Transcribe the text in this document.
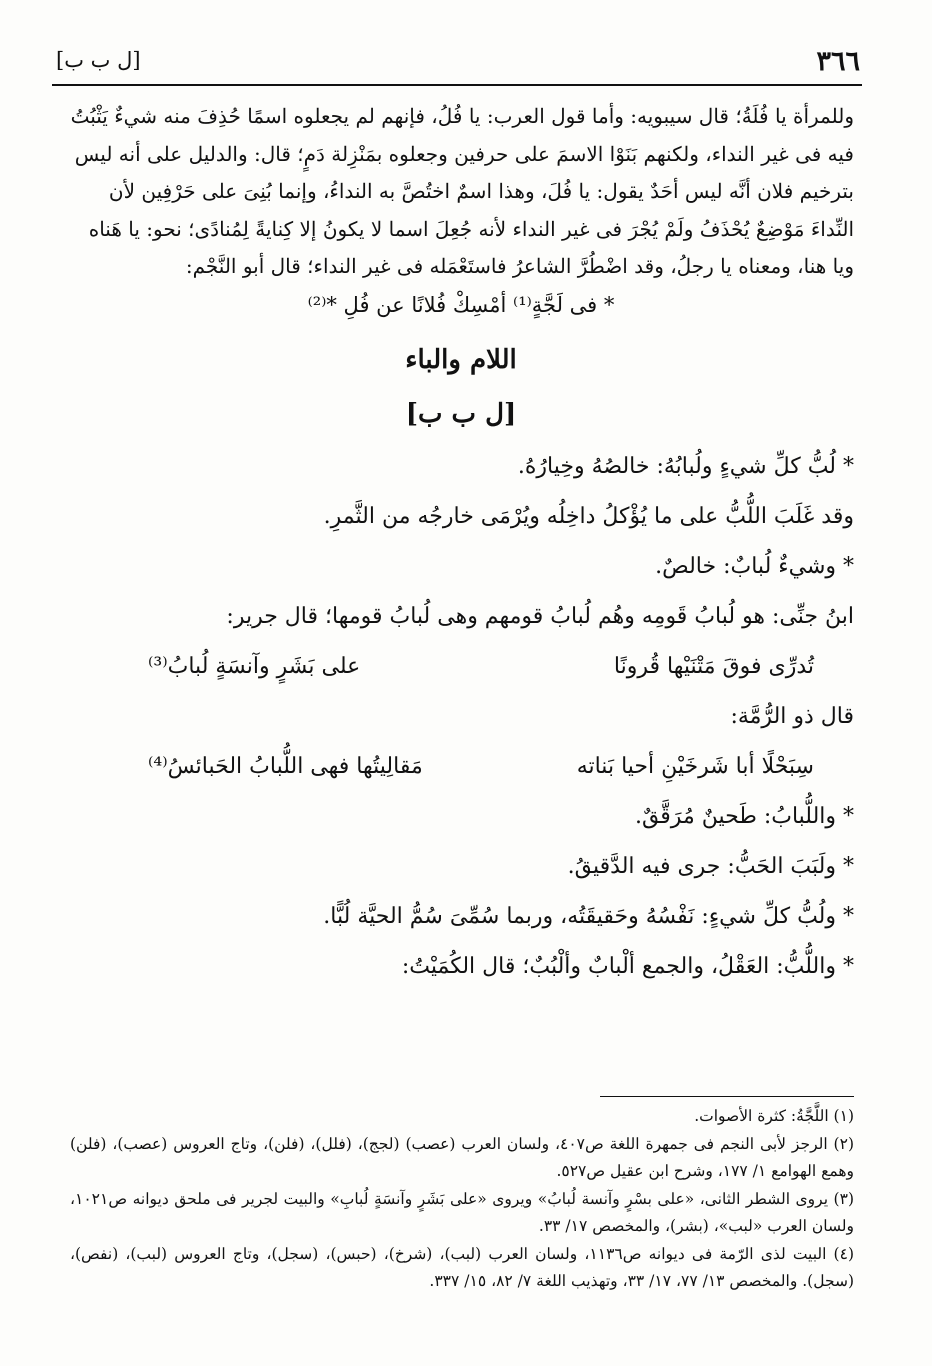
٣٦٦
[ل ب ب]

وللمرأة يا فُلَةُ؛ قال سيبويه: وأما قول العرب: يا فُلُ، فإنهم لم يجعلوه اسمًا حُذِفَ منه شيءٌ يَثْبُتُ فيه فى غير النداء، ولكنهم بَنَوْا الاسمَ على حرفين وجعلوه بمَنْزِلة دَمٍ؛ قال: والدليل على أنه ليس بترخيم فلان أنَّه ليس أحَدٌ يقول: يا فُلَ، وهذا اسمٌ اختُصَّ به النداءُ، وإنما بُنِىَ على حَرْفِين لأن النِّداءَ مَوْضِعٌ يُحْذَفُ ولَمْ يُجْرَ فى غير النداء لأنه جُعِلَ اسما لا يكونُ إلا كِنايةً لِمُنادًى؛ نحو: يا هَناه ويا هنا، ومعناه يا رجلُ، وقد اضْطُرَّ الشاعرُ فاستَعْمَله فى غير النداء؛ قال أبو النَّجْم:

* فى لَجَّةٍ⁽¹⁾ أمْسِكْ فُلانًا عن فُلِ *⁽²⁾

اللام والباء
[ل ب ب]

* لُبُّ كلِّ شيءٍ ولُبابُهُ: خالصُهُ وخِيارُهُ.

وقد غَلَبَ اللُّبُّ على ما يُؤْكلُ داخِلُه ويُرْمَى خارجُه من الثَّمرِ.

* وشيءٌ لُبابٌ: خالصٌ.

ابنُ جنِّى: هو لُبابُ قَومِه وهُم لُبابُ قومهم وهى لُبابُ قومها؛ قال جرير:

تُدرِّى فوقَ مَتْنَيْها قُرونًا
على بَشَرٍ وآنسَةٍ لُبابُ⁽³⁾

قال ذو الرُّمَّة:

سِبَحْلًا أبا شَرخَيْنِ أحيا بَناته
مَقالِيتُها فهى اللُّبابُ الحَبائسُ⁽⁴⁾

* واللُّبابُ: طَحينٌ مُرَقَّقٌ.

* ولَبَبَ الحَبُّ: جرى فيه الدَّقيقُ.

* ولُبُّ كلِّ شيءٍ: نَفْسُهُ وحَقيقَتُه، وربما سُمِّىَ سُمُّ الحيَّة لُبًّا.

* واللُّبُّ: العَقْلُ، والجمع ألْبابٌ وألْبُبٌ؛ قال الكُمَيْتُ:

(١) اللَّجَّةُ: كثرة الأصوات.

(٢) الرجز لأبى النجم فى جمهرة اللغة ص٤٠٧، ولسان العرب (عصب) (لجج)، (فلل)، (فلن)، وتاج العروس (عصب)، (فلن) وهمع الهوامع ١/ ١٧٧، وشرح ابن عقيل ص٥٢٧.

(٣) يروى الشطر الثانى، «على بسْرٍ وآنسة لُبابُ» ويروى «على بَشَرٍ وآنسَةٍ لُبابِ» والبيت لجرير فى ملحق ديوانه ص١٠٢١، ولسان العرب «لبب»، (بشر)، والمخصص ١٧/ ٣٣.

(٤) البيت لذى الرّمة فى ديوانه ص١١٣٦، ولسان العرب (لبب)، (شرخ)، (حبس)، (سجل)، وتاج العروس (لبب)، (نفص)، (سجل). والمخصص ١٣/ ٧٧، ١٧/ ٣٣، وتهذيب اللغة ٧/ ٨٢، ١٥/ ٣٣٧.
